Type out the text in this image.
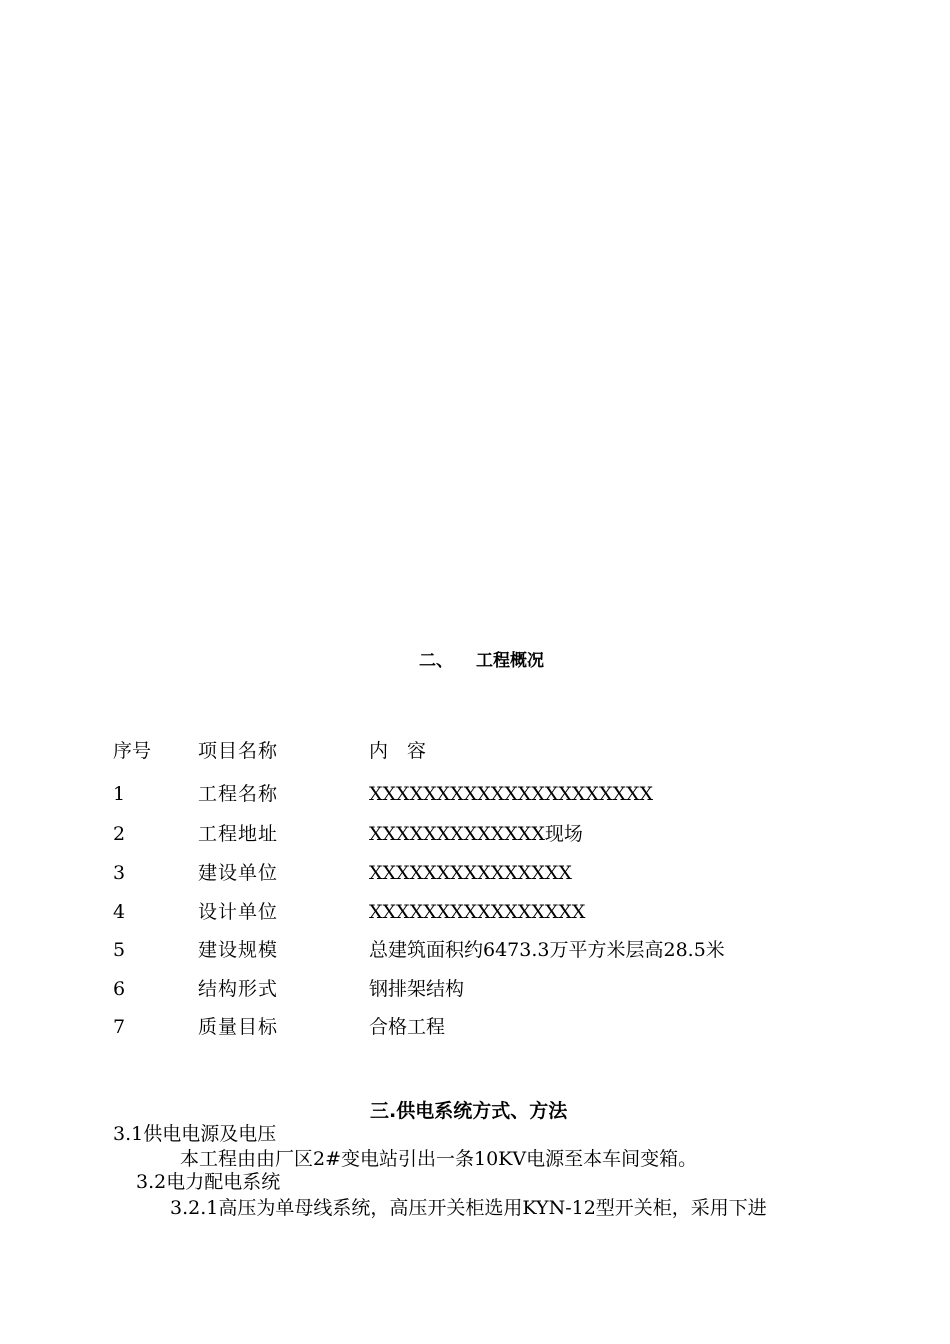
二、 工程概况
序号 项目名称	内　容
1	工程名称	XXXXXXXXXXXXXXXXXXXXX
2	工程地址	XXXXXXXXXXXXX现场
3	建设单位	XXXXXXXXXXXXXXX
4	设计单位	XXXXXXXXXXXXXXXX
5	建设规模	总建筑面积约6473.3万平方米层高28.5米
6	结构形式	钢排架结构
7	质量目标	合格工程
三.供电系统方式、方法
3.1供电电源及电压
本工程由由厂区2#变电站引出一条10KV电源至本车间变箱。
3.2电力配电系统
3.2.1高压为单母线系统，高压开关柜选用KYN-12型开关柜，采用下进
